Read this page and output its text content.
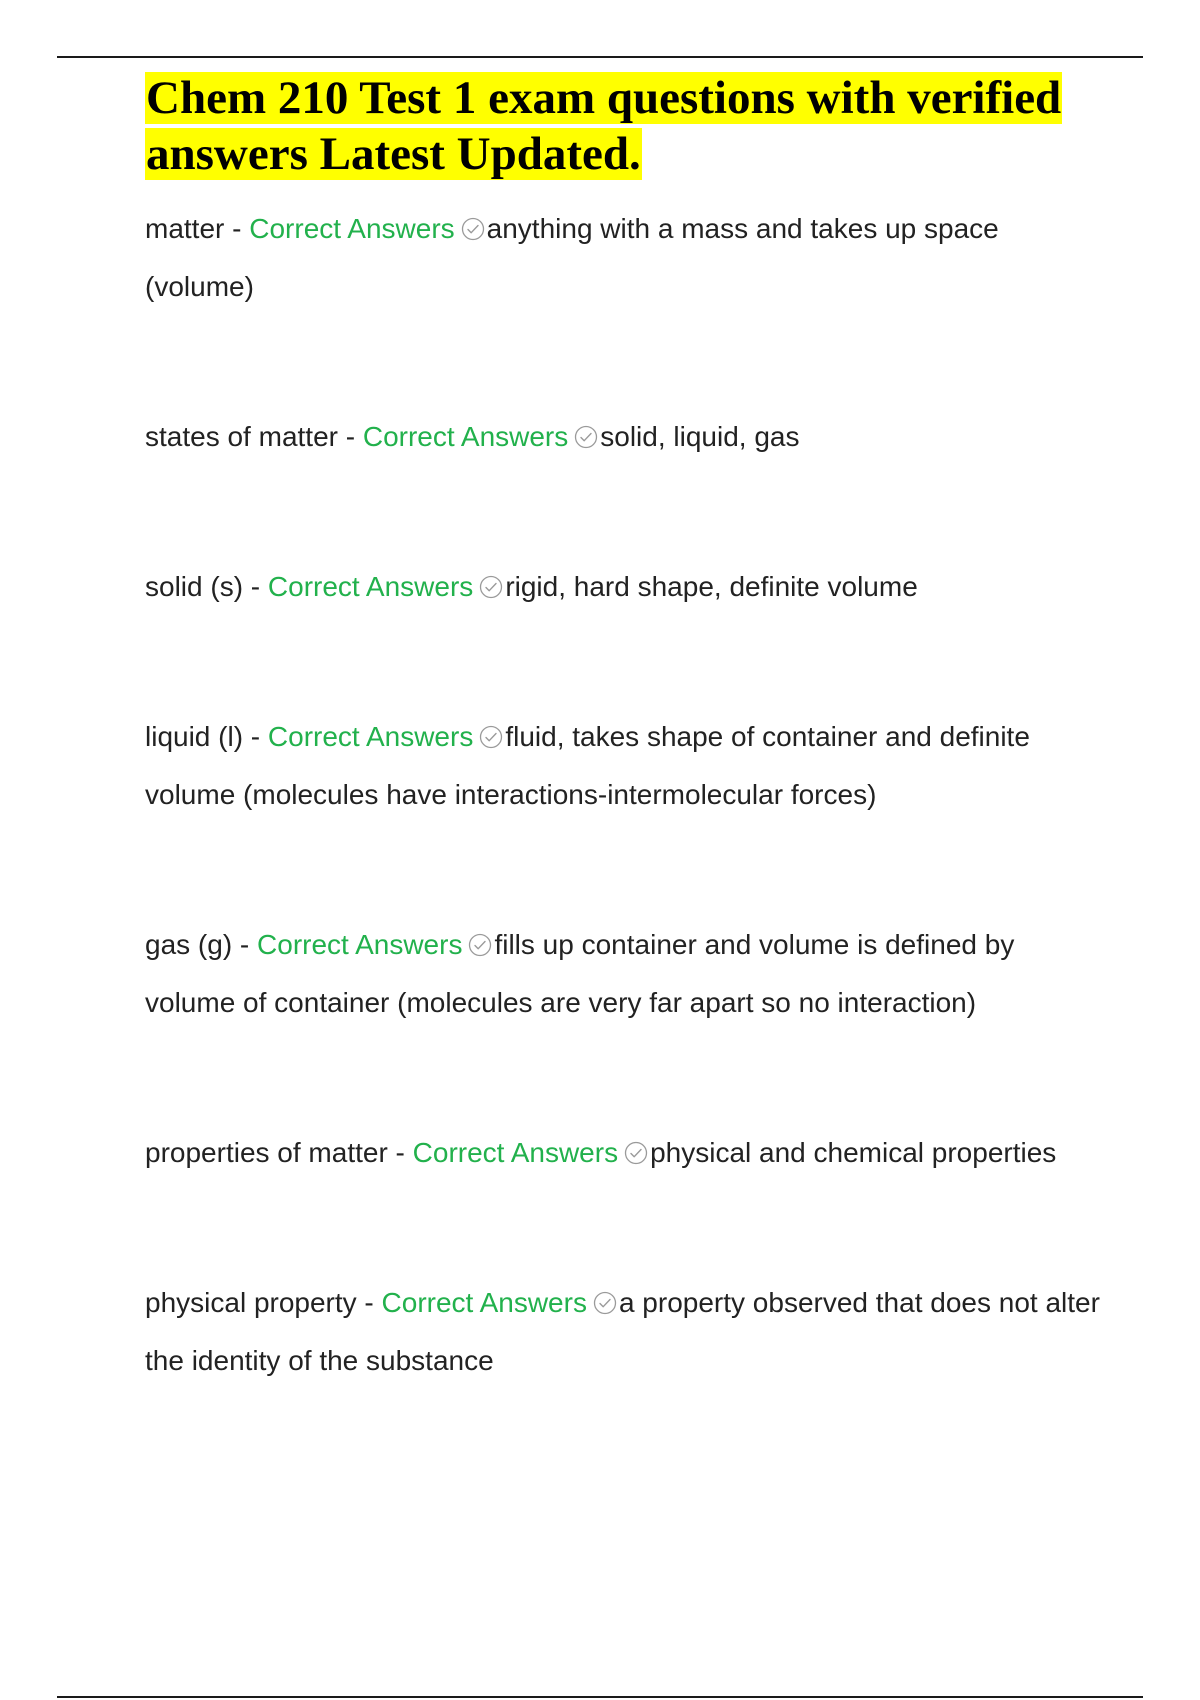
Chem 210 Test 1 exam questions with verified answers Latest Updated.

matter - Correct Answers anything with a mass and takes up space (volume)

states of matter - Correct Answers solid, liquid, gas

solid (s) - Correct Answers rigid, hard shape, definite volume

liquid (l) - Correct Answers fluid, takes shape of container and definite volume (molecules have interactions-intermolecular forces)

gas (g) - Correct Answers fills up container and volume is defined by volume of container (molecules are very far apart so no interaction)

properties of matter - Correct Answers physical and chemical properties

physical property - Correct Answers a property observed that does not alter the identity of the substance
